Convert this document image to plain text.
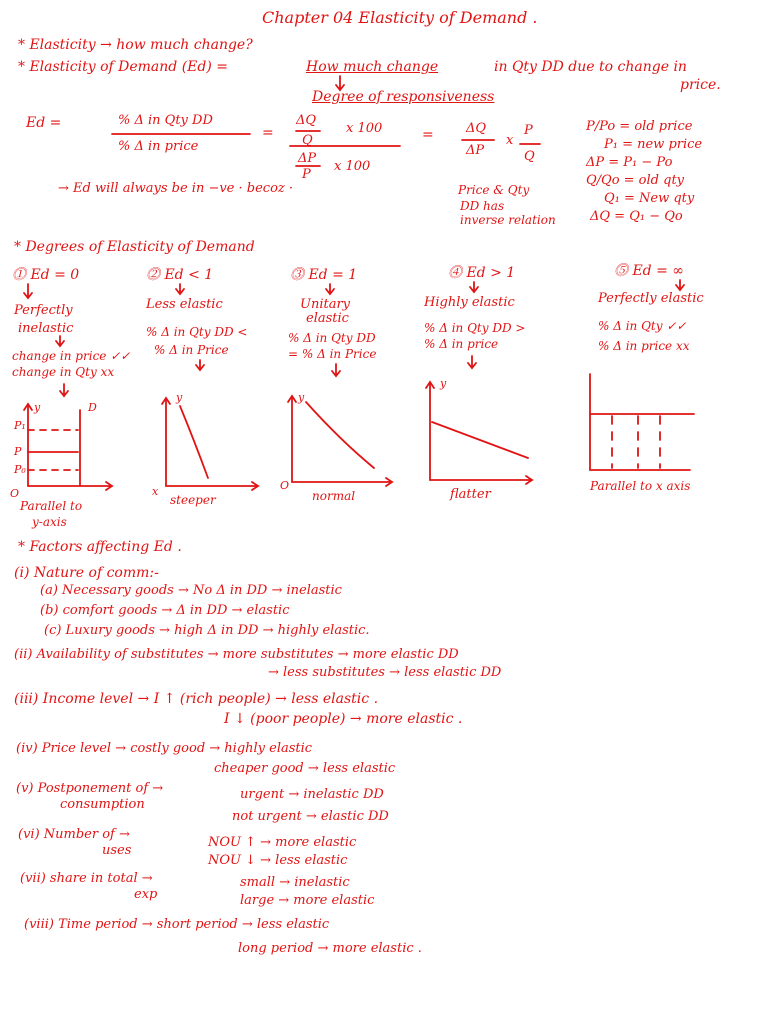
Chapter 04 Elasticity of Demand .
* Elasticity → how much change?
* Elasticity of Demand (Ed) =	How much change	in Qty DD due to change in
price.
Degree of responsiveness
Ed =	% Δ in Qty DD
% Δ in price
=
ΔQ
x 100
Q
ΔP
P
x 100
= ΔQ
ΔP
x
P
Q
P/Po = old price
P₁ = new price
ΔP = P₁ − Po
Q/Qo = old qty
Q₁ = New qty
ΔQ = Q₁ − Qo
→ Ed will always be in −ve · becoz ·	Price & Qty
DD has
inverse relation
* Degrees of Elasticity of Demand
⓵ Ed = 0
Perfectly
inelastic
change in price ✓✓
change in Qty xx
⓶ Ed < 1
Less elastic
% Δ in Qty DD <
% Δ in Price
⓷ Ed = 1
Unitary
elastic
% Δ in Qty DD
= % Δ in Price
⓸ Ed > 1
Highly elastic
% Δ in Qty DD >
% Δ in price
⓹ Ed = ∞
Perfectly elastic
% Δ in Qty ✓✓
% Δ in price xx
Parallel to
y-axis
steeper	normal	flatter
Parallel to x axis
P₁
P
P₀
O
y	D
y
x
y
O
y
* Factors affecting Ed .
(i) Nature of comm:-
(a) Necessary goods → No Δ in DD → inelastic
(b) comfort goods → Δ in DD → elastic
(c) Luxury goods → high Δ in DD → highly elastic.
(ii) Availability of substitutes → more substitutes → more elastic DD
→ less substitutes → less elastic DD
(iii) Income level → I ↑ (rich people) → less elastic .
I ↓ (poor people) → more elastic .
(iv) Price level → costly good → highly elastic
cheaper good → less elastic
(v) Postponement of →	urgent → inelastic DD
consumption
not urgent → elastic DD
(vi) Number of →
NOU ↑ → more elastic
uses
NOU ↓ → less elastic
(vii) share in total →	small → inelastic
exp	large → more elastic
(viii) Time period → short period → less elastic
long period → more elastic .
